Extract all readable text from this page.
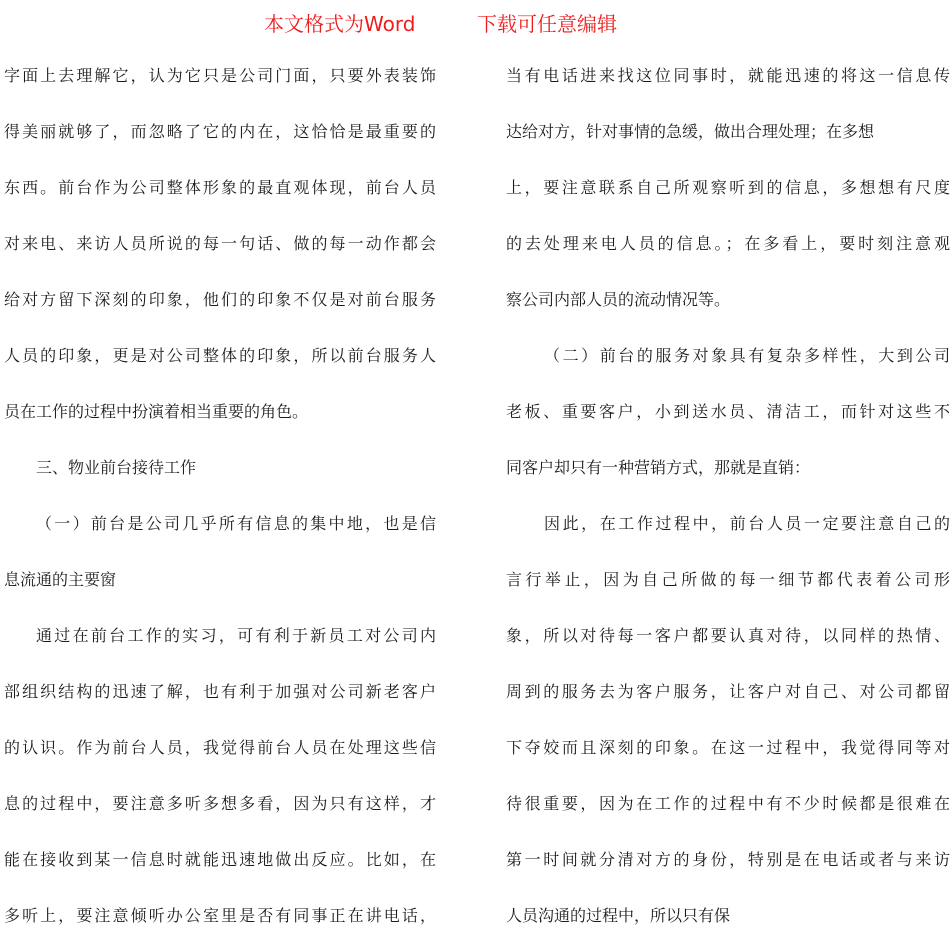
本文格式为Word	下载可任意编辑
字面上去理解它，认为它只是公司门面，只要外表装饰
得美丽就够了，而忽略了它的内在，这恰恰是最重要的
东西。前台作为公司整体形象的最直观体现，前台人员
对来电、来访人员所说的每一句话、做的每一动作都会
给对方留下深刻的印象，他们的印象不仅是对前台服务
人员的印象，更是对公司整体的印象，所以前台服务人
员在工作的过程中扮演着相当重要的角色。
三、物业前台接待工作
（一）前台是公司几乎所有信息的集中地，也是信
息流通的主要窗
通过在前台工作的实习，可有利于新员工对公司内
部组织结构的迅速了解，也有利于加强对公司新老客户
的认识。作为前台人员，我觉得前台人员在处理这些信
息的过程中，要注意多听多想多看，因为只有这样，才
能在接收到某一信息时就能迅速地做出反应。比如，在
多听上，要注意倾听办公室里是否有同事正在讲电话，
当有电话进来找这位同事时，就能迅速的将这一信息传
达给对方，针对事情的急缓，做出合理处理；在多想
上，要注意联系自己所观察听到的信息，多想想有尺度
的去处理来电人员的信息。；在多看上，要时刻注意观
察公司内部人员的流动情况等。
（二）前台的服务对象具有复杂多样性，大到公司
老板、重要客户，小到送水员、清洁工，而针对这些不
同客户却只有一种营销方式，那就是直销：
因此，在工作过程中，前台人员一定要注意自己的
言行举止，因为自己所做的每一细节都代表着公司形
象，所以对待每一客户都要认真对待，以同样的热情、
周到的服务去为客户服务，让客户对自己、对公司都留
下夺姣而且深刻的印象。在这一过程中，我觉得同等对
待很重要，因为在工作的过程中有不少时候都是很难在
第一时间就分清对方的身份，特别是在电话或者与来访
人员沟通的过程中，所以只有保
